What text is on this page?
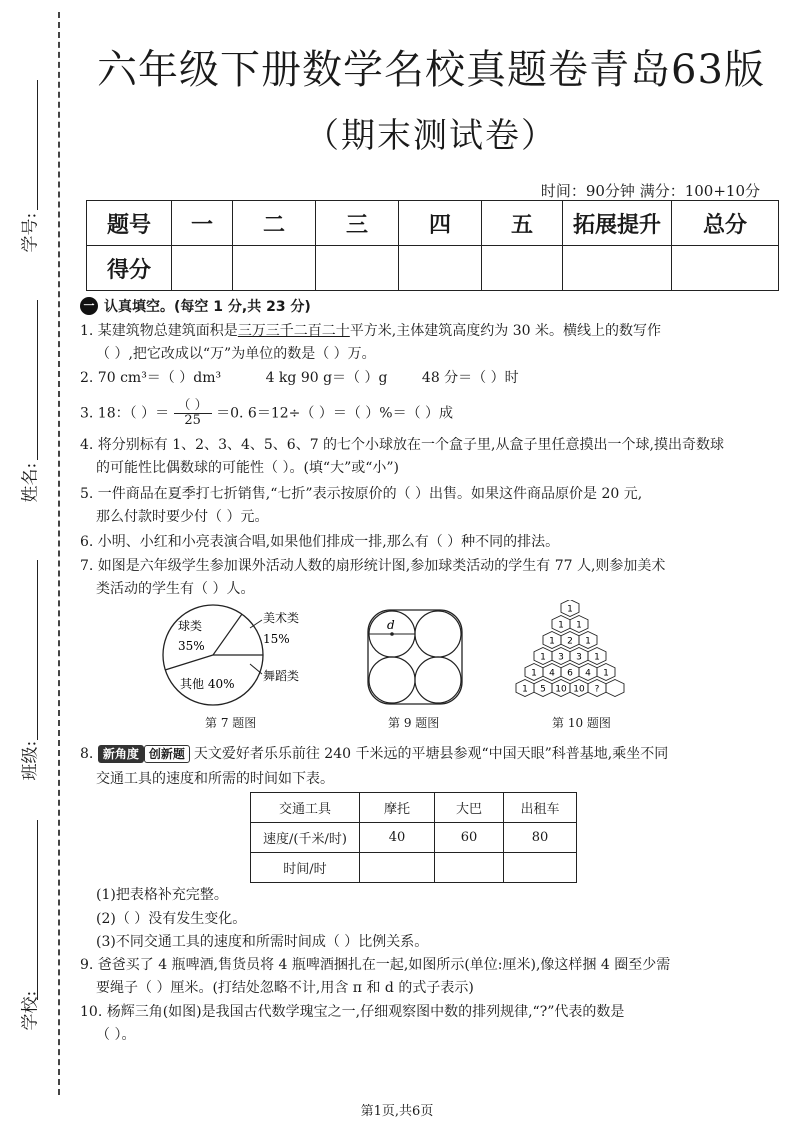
学号:
姓名:
班级:
学校:
六年级下册数学名校真题卷青岛63版
（期末测试卷）
时间：90分钟 满分：100+10分
题号	一	二	三	四	五	拓展提升	总分
得分							
一 认真填空。(每空 1 分,共 23 分)
1. 某建筑物总建筑面积是三万三千二百二十平方米,主体建筑高度约为 30 米。横线上的数写作
（ ）,把它改成以“万”为单位的数是（ ）万。
2. 70 cm³＝（ ）dm³	4 kg 90 g＝（ ）g 48 分＝（ ）时
3. 18：（ ）＝ $\frac{( )}{25} =0$. 6＝12÷（ ）＝（ ）%＝（ ）成
4. 将分别标有 1、2、3、4、5、6、7 的七个小球放在一个盒子里,从盒子里任意摸出一个球,摸出奇数球
的可能性比偶数球的可能性（ ）。(填“大”或“小”)
5. 一件商品在夏季打七折销售,“七折”表示按原价的（ ）出售。如果这件商品原价是 20 元,
那么付款时要少付（ ）元。
6. 小明、小红和小亮表演合唱,如果他们排成一排,那么有（ ）种不同的排法。
7. 如图是六年级学生参加课外活动人数的扇形统计图,参加球类活动的学生有 77 人,则参加美术
类活动的学生有（ ）人。
球类
35%
美术类
15%
舞蹈类
其他 40%
第 7 题图
d
第 9 题图
1
1 1
1 2 1
1 3 3 1
1 4 6 4 1
1 5 10 10 ?
第 10 题图
8. 新角度 创新题 天文爱好者乐乐前往 240 千米远的平塘县参观“中国天眼”科普基地,乘坐不同
交通工具的速度和所需的时间如下表。
交通工具	摩托	大巴	出租车
速度/(千米/时)	40	60	80
时间/时			
(1)把表格补充完整。
(2)（ ）没有发生变化。
(3)不同交通工具的速度和所需时间成（ ）比例关系。
9. 爸爸买了 4 瓶啤酒,售货员将 4 瓶啤酒捆扎在一起,如图所示(单位:厘米),像这样捆 4 圈至少需
要绳子（ ）厘米。(打结处忽略不计,用含 π 和 d 的式子表示)
10. 杨辉三角(如图)是我国古代数学瑰宝之一,仔细观察图中数的排列规律,“?”代表的数是
（ ）。
第1页,共6页
